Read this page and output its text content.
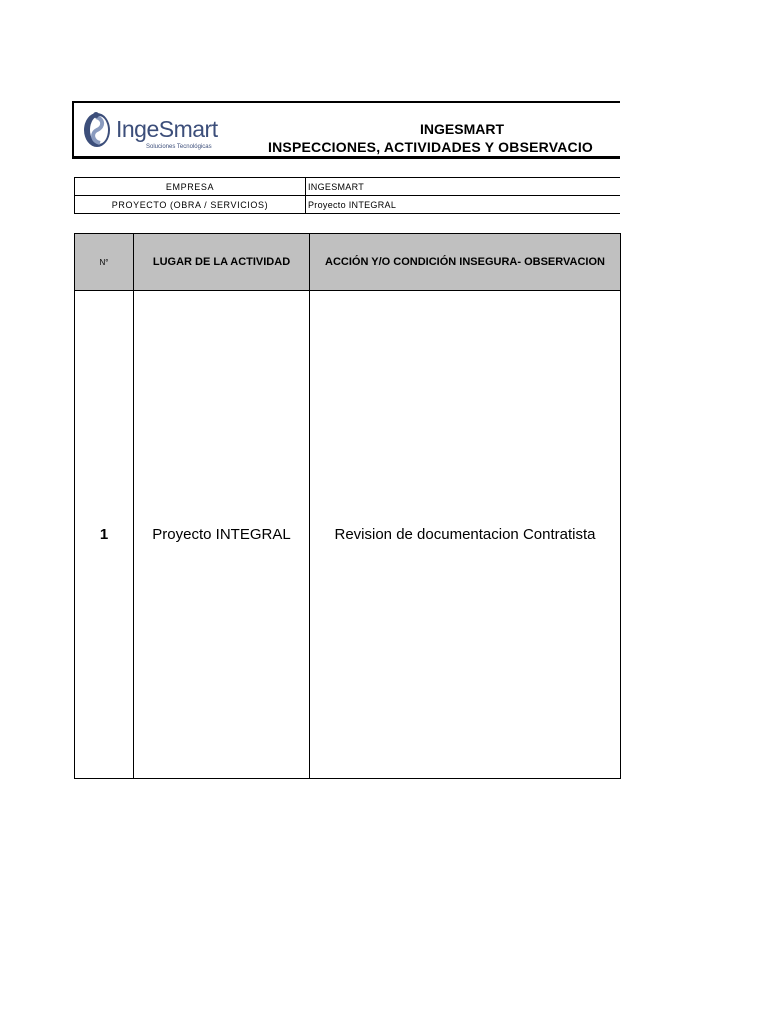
IngeSmart
Soluciones Tecnológicas
INGESMART
INSPECCIONES, ACTIVIDADES Y OBSERVACIO
EMPRESA	INGESMART
PROYECTO (OBRA / SERVICIOS)	Proyecto INTEGRAL
N°	LUGAR DE LA ACTIVIDAD	ACCIÓN Y/O CONDICIÓN INSEGURA- OBSERVACION
1	Proyecto INTEGRAL	Revision de documentacion Contratista
